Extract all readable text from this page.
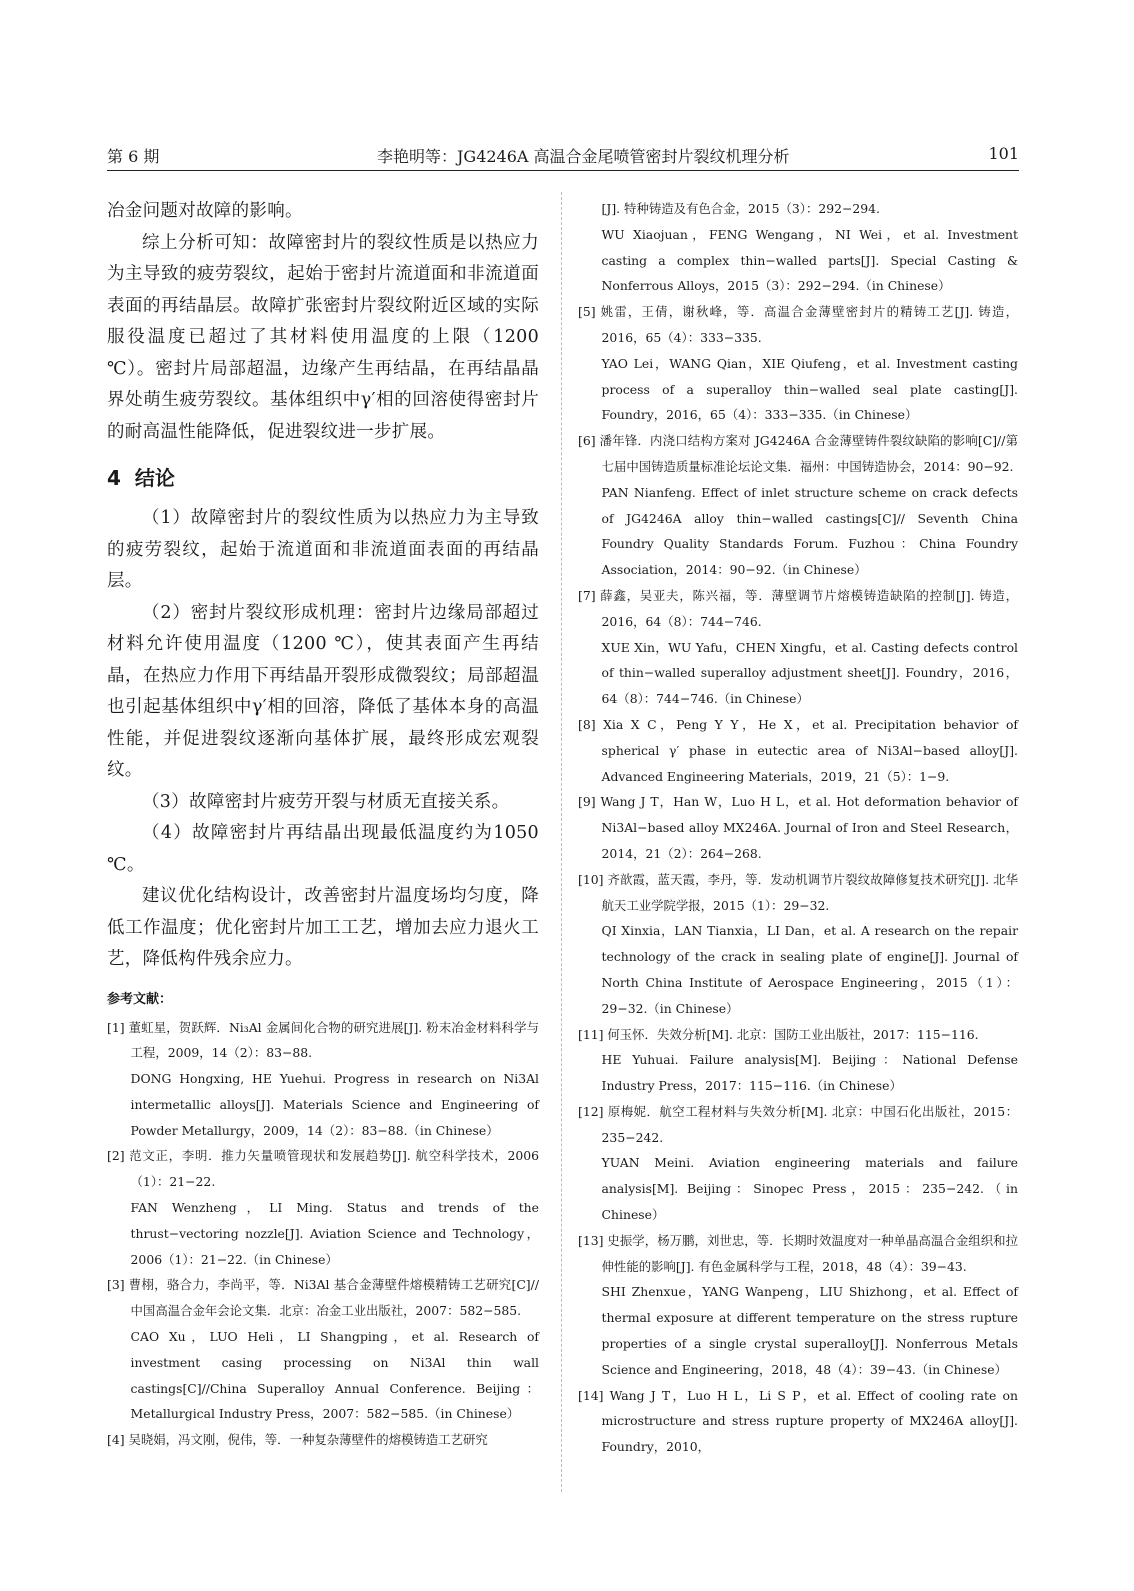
第 6 期	李艳明等：JG4246A 高温合金尾喷管密封片裂纹机理分析	101

冶金问题对故障的影响。

综上分析可知：故障密封片的裂纹性质是以热应力为主导致的疲劳裂纹，起始于密封片流道面和非流道面表面的再结晶层。故障扩张密封片裂纹附近区域的实际服役温度已超过了其材料使用温度的上限（1200 ℃）。密封片局部超温，边缘产生再结晶，在再结晶晶界处萌生疲劳裂纹。基体组织中γ′相的回溶使得密封片的耐高温性能降低，促进裂纹进一步扩展。

4 结论

（1）故障密封片的裂纹性质为以热应力为主导致的疲劳裂纹，起始于流道面和非流道面表面的再结晶层。

（2）密封片裂纹形成机理：密封片边缘局部超过材料允许使用温度（1200 ℃），使其表面产生再结晶，在热应力作用下再结晶开裂形成微裂纹；局部超温也引起基体组织中γ′相的回溶，降低了基体本身的高温性能，并促进裂纹逐渐向基体扩展，最终形成宏观裂纹。

（3）故障密封片疲劳开裂与材质无直接关系。

（4）故障密封片再结晶出现最低温度约为1050 ℃。

建议优化结构设计，改善密封片温度场均匀度，降低工作温度；优化密封片加工工艺，增加去应力退火工艺，降低构件残余应力。

参考文献：
[1] 董虹星，贺跃辉．Ni₃Al 金属间化合物的研究进展[J]. 粉末冶金材料科学与工程，2009，14（2）：83−88.
DONG Hongxing, HE Yuehui. Progress in research on Ni3Al intermetallic alloys[J]. Materials Science and Engineering of Powder Metallurgy，2009，14（2）：83−88.（in Chinese）
[2] 范文正，李明．推力矢量喷管现状和发展趋势[J]. 航空科学技术，2006（1）：21−22.
FAN Wenzheng，LI Ming. Status and trends of the thrust−vectoring nozzle[J]. Aviation Science and Technology，2006（1）：21−22.（in Chinese）
[3] 曹栩，骆合力，李尚平，等．Ni3Al 基合金薄壁件熔模精铸工艺研究[C]//中国高温合金年会论文集．北京：冶金工业出版社，2007：582−585.
CAO Xu，LUO Heli，LI Shangping，et al. Research of investment casing processing on Ni3Al thin wall castings[C]//China Superalloy Annual Conference. Beijing：Metallurgical Industry Press，2007：582−585.（in Chinese）
[4] 吴晓娟，冯文刚，倪伟，等．一种复杂薄壁件的熔模铸造工艺研究
[J]. 特种铸造及有色合金，2015（3）：292−294.
WU Xiaojuan，FENG Wengang，NI Wei，et al. Investment casting a complex thin−walled parts[J]. Special Casting & Nonferrous Alloys，2015（3）：292−294.（in Chinese）
[5] 姚雷，王倩，谢秋峰，等．高温合金薄壁密封片的精铸工艺[J]. 铸造，2016，65（4）：333−335.
YAO Lei，WANG Qian，XIE Qiufeng，et al. Investment casting process of a superalloy thin−walled seal plate casting[J]. Foundry，2016，65（4）：333−335.（in Chinese）
[6] 潘年锋．内浇口结构方案对 JG4246A 合金薄壁铸件裂纹缺陷的影响[C]//第七届中国铸造质量标准论坛论文集．福州：中国铸造协会，2014：90−92.
PAN Nianfeng. Effect of inlet structure scheme on crack defects of JG4246A alloy thin−walled castings[C]// Seventh China Foundry Quality Standards Forum. Fuzhou：China Foundry Association，2014：90−92.（in Chinese）
[7] 薛鑫，吴亚夫，陈兴福，等．薄壁调节片熔模铸造缺陷的控制[J]. 铸造，2016，64（8）：744−746.
XUE Xin，WU Yafu，CHEN Xingfu，et al. Casting defects control of thin−walled superalloy adjustment sheet[J]. Foundry，2016，64（8）：744−746.（in Chinese）
[8] Xia X C，Peng Y Y，He X，et al. Precipitation behavior of spherical γ′ phase in eutectic area of Ni3Al−based alloy[J]. Advanced Engineering Materials，2019，21（5）：1−9.
[9] Wang J T，Han W，Luo H L，et al. Hot deformation behavior of Ni3Al−based alloy MX246A. Journal of Iron and Steel Research，2014，21（2）：264−268.
[10] 齐歆霞，蓝天霞，李丹，等．发动机调节片裂纹故障修复技术研究[J]. 北华航天工业学院学报，2015（1）：29−32.
QI Xinxia，LAN Tianxia，LI Dan，et al. A research on the repair technology of the crack in sealing plate of engine[J]. Journal of North China Institute of Aerospace Engineering，2015（1）：29−32.（in Chinese）
[11] 何玉怀．失效分析[M]. 北京：国防工业出版社，2017：115−116.
HE Yuhuai. Failure analysis[M]. Beijing：National Defense Industry Press，2017：115−116.（in Chinese）
[12] 原梅妮．航空工程材料与失效分析[M]. 北京：中国石化出版社，2015：235−242.
YUAN Meini. Aviation engineering materials and failure analysis[M]. Beijing：Sinopec Press，2015：235−242.（in Chinese）
[13] 史振学，杨万鹏，刘世忠，等．长期时效温度对一种单晶高温合金组织和拉伸性能的影响[J]. 有色金属科学与工程，2018，48（4）：39−43.
SHI Zhenxue，YANG Wanpeng，LIU Shizhong，et al. Effect of thermal exposure at different temperature on the stress rupture properties of a single crystal superalloy[J]. Nonferrous Metals Science and Engineering，2018，48（4）：39−43.（in Chinese）
[14] Wang J T，Luo H L，Li S P，et al. Effect of cooling rate on microstructure and stress rupture property of MX246A alloy[J]. Foundry，2010，
